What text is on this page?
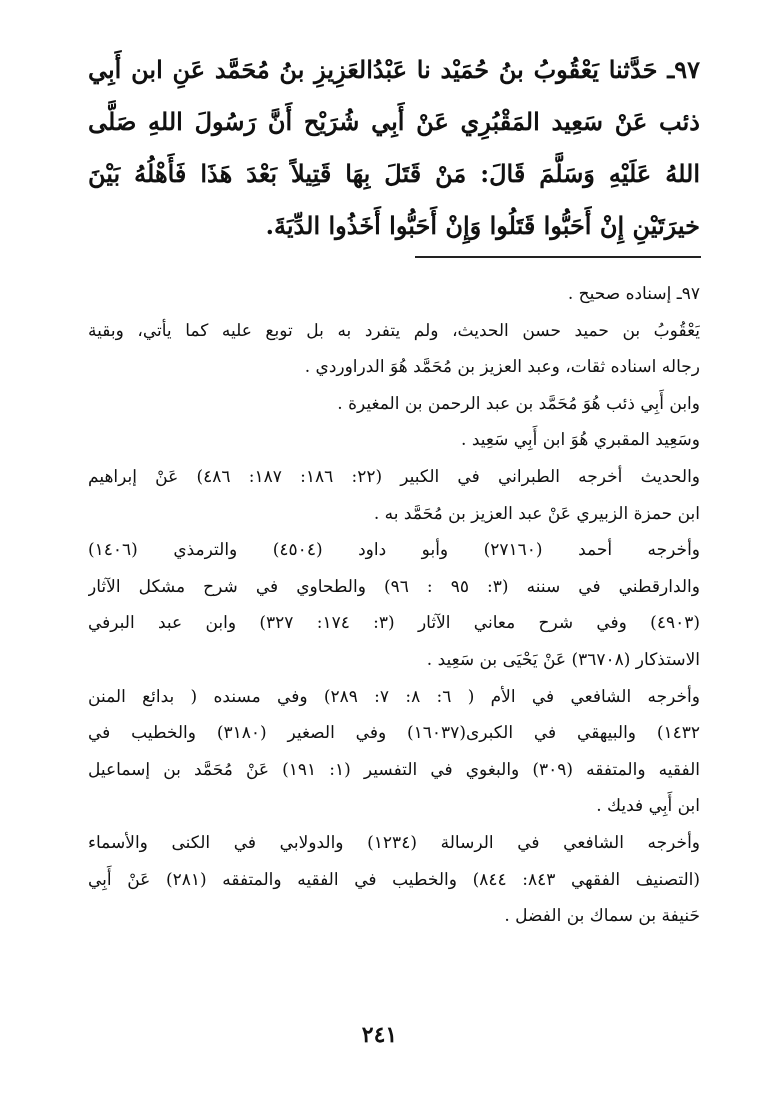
٩٧ـ حَدَّثنا يَعْقُوبُ بنُ حُمَيْد نا عَبْدُالعَزِيزِ بنُ مُحَمَّد عَنِ ابن أَبِي ذئب عَنْ سَعِيد المَقْبُرِي عَنْ أَبِي شُرَيْح أَنَّ رَسُولَ اللهِ صَلَّى اللهُ عَلَيْهِ وَسَلَّمَ قَالَ: مَنْ قَتَلَ بِهَا قَتِيلاً بَعْدَ هَذَا فَأَهْلُهُ بَيْنَ خيرَتَيْنِ إِنْ أَحَبُّوا قَتَلُوا وَإِنْ أَحَبُّوا أَخَذُوا الدِّيَةَ.
٩٧ـ إسناده صحيح .
يَعْقُوبُ بن حميد حسن الحديث، ولم يتفرد به بل توبع عليه كما يأتي، وبقية
رجاله اسناده ثقات، وعبد العزيز بن مُحَمَّد هُوَ الدراوردي .
وابن أَبِي ذئب هُوَ مُحَمَّد بن عبد الرحمن بن المغيرة .
وسَعِيد المقبري هُوَ ابن أَبِي سَعِيد .
والحديث أخرجه الطبراني في الكبير (٢٢: ١٨٦: ١٨٧: ٤٨٦) عَنْ إبراهيم
ابن حمزة الزبيري عَنْ عبد العزيز بن مُحَمَّد به .
وأخرجه أحمد (٢٧١٦٠) وأبو داود (٤٥٠٤) والترمذي (١٤٠٦)
والدارقطني في سننه (٣: ٩٥ : ٩٦) والطحاوي في شرح مشكل الآثار
(٤٩٠٣) وفي شرح معاني الآثار (٣: ١٧٤: ٣٢٧) وابن عبد البرفي
الاستذكار (٣٦٧٠٨) عَنْ يَحْيَى بن سَعِيد .
وأخرجه الشافعي في الأم ( ٦: ٨: ٧: ٢٨٩) وفي مسنده ( بدائع المنن
١٤٣٢) والبيهقي في الكبرى(١٦٠٣٧) وفي الصغير (٣١٨٠) والخطيب في
الفقيه والمتفقه (٣٠٩) والبغوي في التفسير (١: ١٩١) عَنْ مُحَمَّد بن إسماعيل
ابن أَبِي فديك .
وأخرجه الشافعي في الرسالة (١٢٣٤) والدولابي في الكنى والأسماء
(التصنيف الفقهي ٨٤٣: ٨٤٤) والخطيب في الفقيه والمتفقه (٢٨١) عَنْ أَبِي
حَنيفة بن سماك بن الفضل .
٢٤١
